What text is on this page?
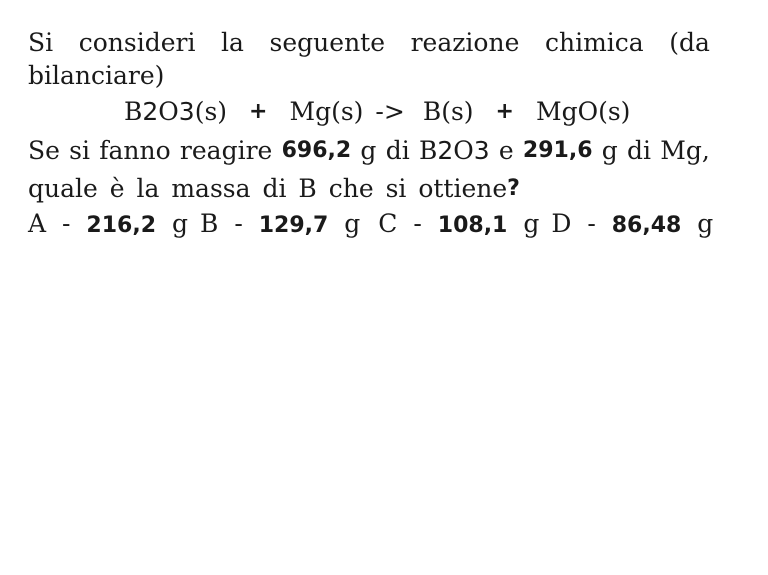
Si consideri la seguente reazione chimica (da
bilanciare)
B2O3(s) + Mg(s) -> B(s) + MgO(s)
Se si fanno reagire 696,2 g di B2O3 e 291,6 g di Mg,
quale è la massa di B che si ottiene ?
A - 216,2 g B - 129,7 g C - 108,1 g D - 86,48 g
